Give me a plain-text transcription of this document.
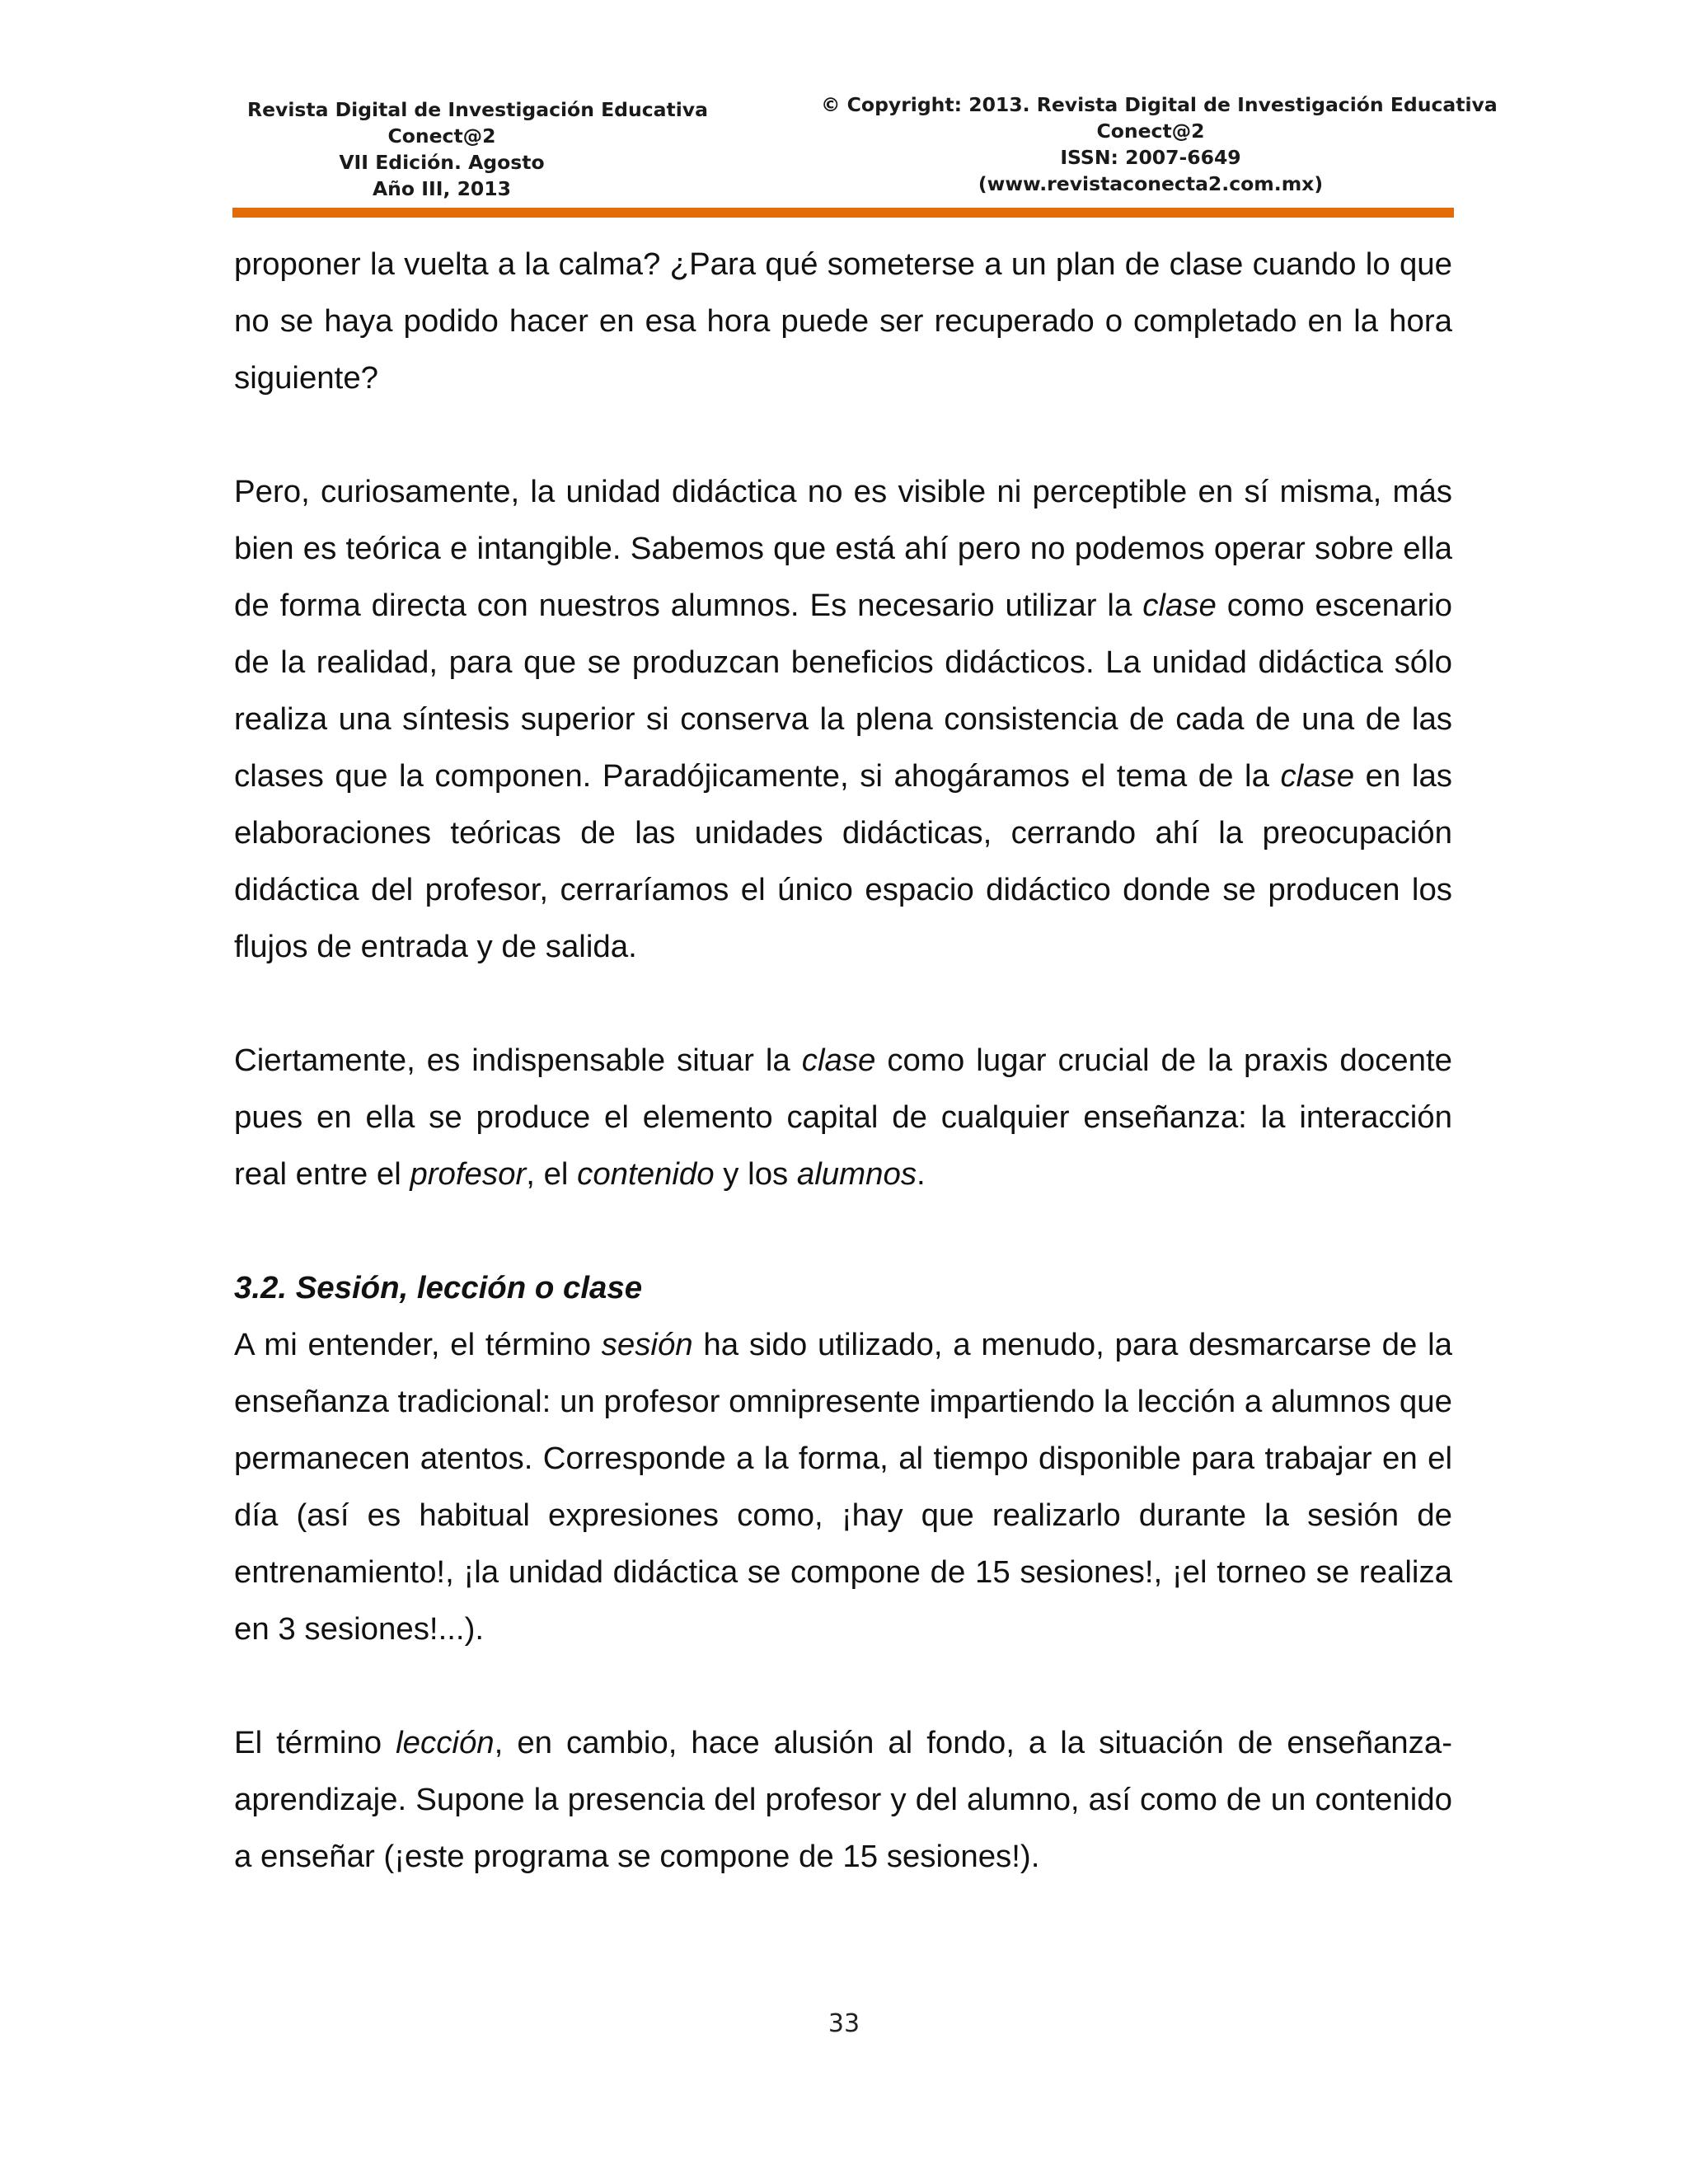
Revista Digital de Investigación Educativa
Conect@2
VII Edición. Agosto
Año III, 2013
© Copyright: 2013. Revista Digital de Investigación Educativa
Conect@2
ISSN: 2007-6649
(www.revistaconecta2.com.mx)

proponer la vuelta a la calma? ¿Para qué someterse a un plan de clase cuando lo que no se haya podido hacer en esa hora puede ser recuperado o completado en la hora siguiente?

Pero, curiosamente, la unidad didáctica no es visible ni perceptible en sí misma, más bien es teórica e intangible. Sabemos que está ahí pero no podemos operar sobre ella de forma directa con nuestros alumnos. Es necesario utilizar la clase como escenario de la realidad, para que se produzcan beneficios didácticos. La unidad didáctica sólo realiza una síntesis superior si conserva la plena consistencia de cada de una de las clases que la componen. Paradójicamente, si ahogáramos el tema de la clase en las elaboraciones teóricas de las unidades didácticas, cerrando ahí la preocupación didáctica del profesor, cerraríamos el único espacio didáctico donde se producen los flujos de entrada y de salida.

Ciertamente, es indispensable situar la clase como lugar crucial de la praxis docente pues en ella se produce el elemento capital de cualquier enseñanza: la interacción real entre el profesor, el contenido y los alumnos.

3.2. Sesión, lección o clase

A mi entender, el término sesión ha sido utilizado, a menudo, para desmarcarse de la enseñanza tradicional: un profesor omnipresente impartiendo la lección a alumnos que permanecen atentos. Corresponde a la forma, al tiempo disponible para trabajar en el día (así es habitual expresiones como, ¡hay que realizarlo durante la sesión de entrenamiento!, ¡la unidad didáctica se compone de 15 sesiones!, ¡el torneo se realiza en 3 sesiones!...).

El término lección, en cambio, hace alusión al fondo, a la situación de enseñanza-aprendizaje. Supone la presencia del profesor y del alumno, así como de un contenido a enseñar (¡este programa se compone de 15 sesiones!).

33
